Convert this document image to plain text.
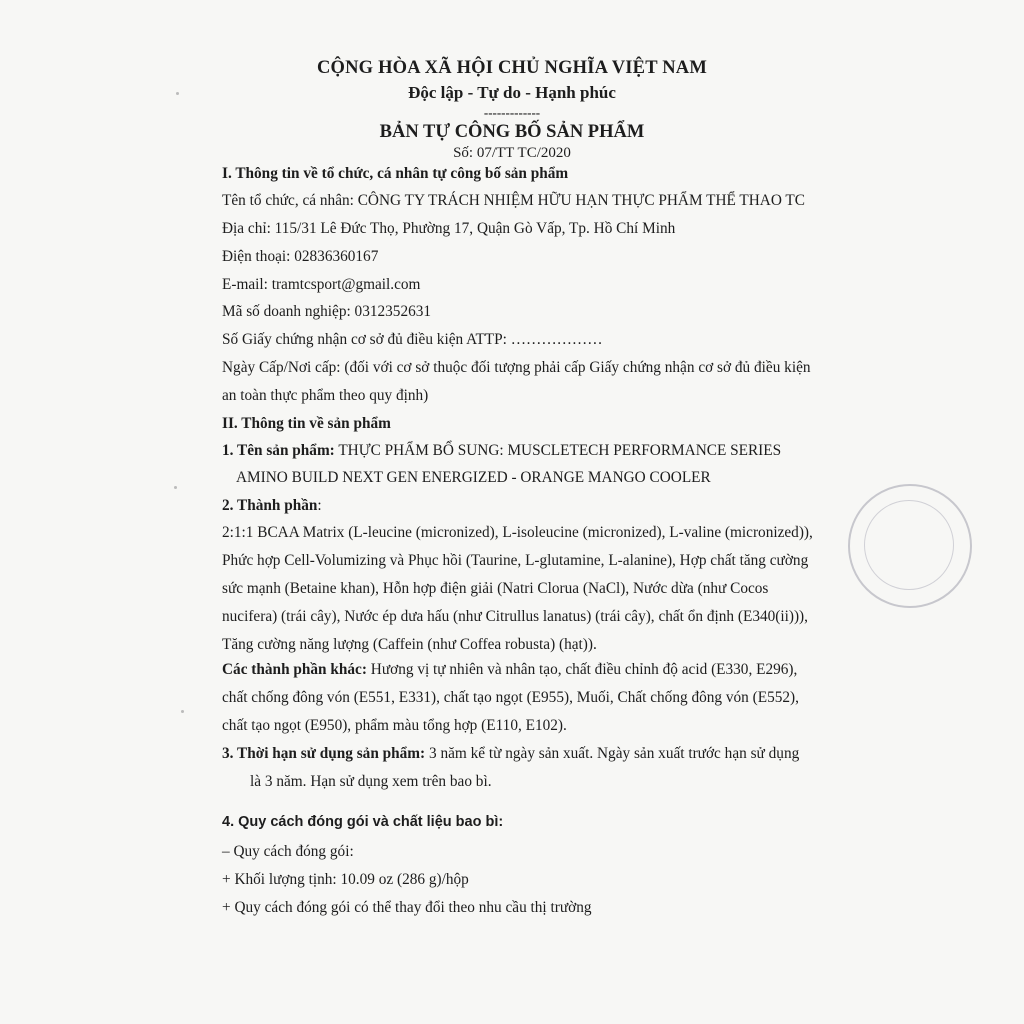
CỘNG HÒA XÃ HỘI CHỦ NGHĨA VIỆT NAM
Độc lập - Tự do - Hạnh phúc
-------------
BẢN TỰ CÔNG BỐ SẢN PHẨM
Số: 07/TT TC/2020
I. Thông tin về tổ chức, cá nhân tự công bố sản phẩm
Tên tổ chức, cá nhân: CÔNG TY TRÁCH NHIỆM HỮU HẠN THỰC PHẨM THỂ THAO TC
Địa chỉ: 115/31 Lê Đức Thọ, Phường 17, Quận Gò Vấp, Tp. Hồ Chí Minh
Điện thoại: 02836360167
E-mail: tramtcsport@gmail.com
Mã số doanh nghiệp: 0312352631
Số Giấy chứng nhận cơ sở đủ điều kiện ATTP: ………………
Ngày Cấp/Nơi cấp: (đối với cơ sở thuộc đối tượng phải cấp Giấy chứng nhận cơ sở đủ điều kiện
an toàn thực phẩm theo quy định)
II. Thông tin về sản phẩm
1. Tên sản phẩm: THỰC PHẨM BỔ SUNG: MUSCLETECH PERFORMANCE SERIES
AMINO BUILD NEXT GEN ENERGIZED - ORANGE MANGO COOLER
2. Thành phần:
2:1:1 BCAA Matrix (L-leucine (micronized), L-isoleucine (micronized), L-valine (micronized)),
Phức hợp Cell-Volumizing và Phục hồi (Taurine, L-glutamine, L-alanine), Hợp chất tăng cường
sức mạnh (Betaine khan), Hỗn hợp điện giải (Natri Clorua (NaCl), Nước dừa (như Cocos
nucifera) (trái cây), Nước ép dưa hấu (như Citrullus lanatus) (trái cây), chất ổn định (E340(ii))),
Tăng cường năng lượng (Caffein (như Coffea robusta) (hạt)).
Các thành phần khác: Hương vị tự nhiên và nhân tạo, chất điều chỉnh độ acid (E330, E296),
chất chống đông vón (E551, E331), chất tạo ngọt (E955), Muối, Chất chống đông vón (E552),
chất tạo ngọt (E950), phẩm màu tổng hợp (E110, E102).
3. Thời hạn sử dụng sản phẩm: 3 năm kể từ ngày sản xuất. Ngày sản xuất trước hạn sử dụng
là 3 năm. Hạn sử dụng xem trên bao bì.
4. Quy cách đóng gói và chất liệu bao bì:
– Quy cách đóng gói:
+ Khối lượng tịnh: 10.09 oz (286 g)/hộp
+ Quy cách đóng gói có thể thay đổi theo nhu cầu thị trường
